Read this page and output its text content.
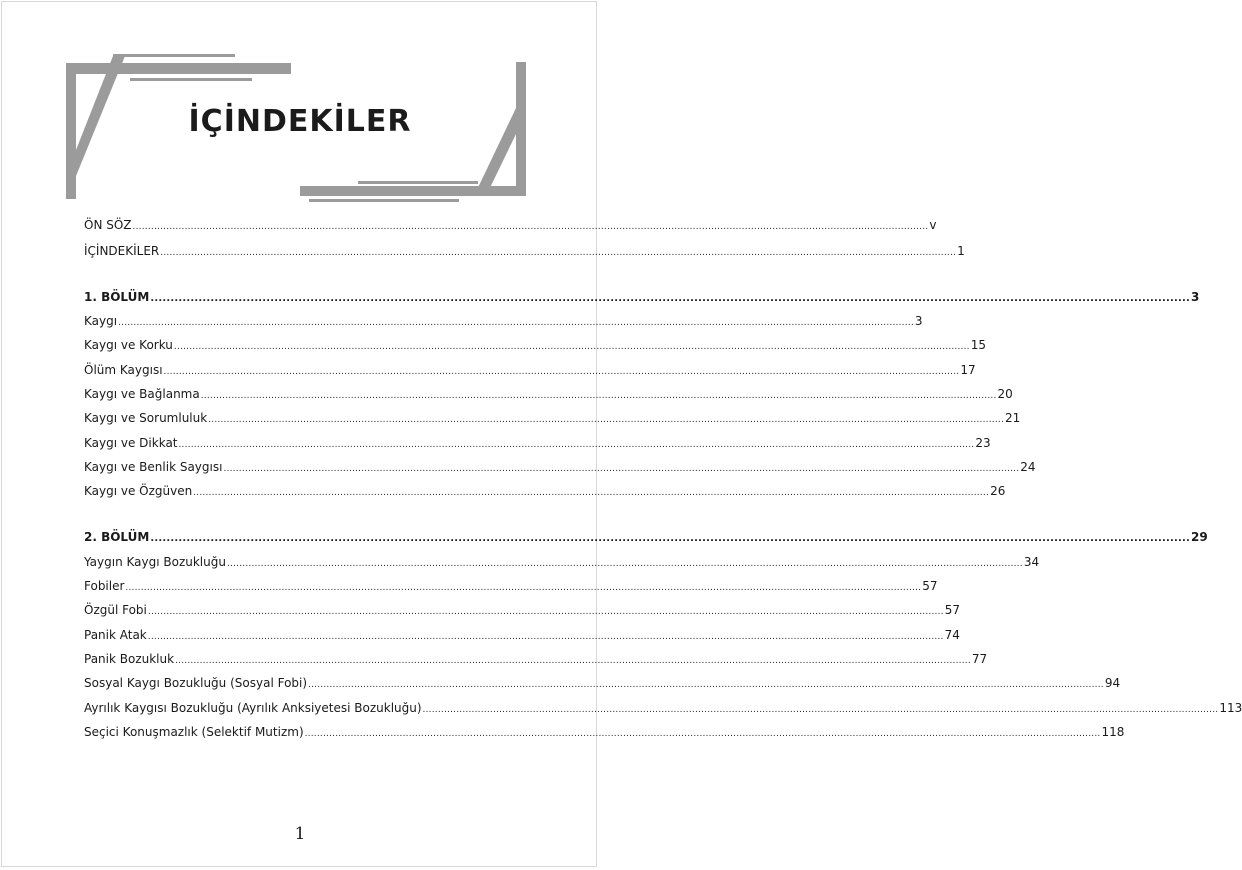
İÇİNDEKİLER
ÖN SÖZ .................................................................................................................................................................................................................................................................... v
İÇİNDEKİLER .................................................................................................................................................................................................................................................................... 1
1. BÖLÜM .................................................................................................................................................................................................................................................................... 3
Kaygı .................................................................................................................................................................................................................................................................... 3
Kaygı ve Korku .................................................................................................................................................................................................................................................................... 15
Ölüm Kaygısı .................................................................................................................................................................................................................................................................... 17
Kaygı ve Bağlanma .................................................................................................................................................................................................................................................................... 20
Kaygı ve Sorumluluk .................................................................................................................................................................................................................................................................... 21
Kaygı ve Dikkat .................................................................................................................................................................................................................................................................... 23
Kaygı ve Benlik Saygısı .................................................................................................................................................................................................................................................................... 24
Kaygı ve Özgüven .................................................................................................................................................................................................................................................................... 26
2. BÖLÜM .................................................................................................................................................................................................................................................................... 29
Yaygın Kaygı Bozukluğu .................................................................................................................................................................................................................................................................... 34
Fobiler .................................................................................................................................................................................................................................................................... 57
Özgül Fobi .................................................................................................................................................................................................................................................................... 57
Panik Atak .................................................................................................................................................................................................................................................................... 74
Panik Bozukluk .................................................................................................................................................................................................................................................................... 77
Sosyal Kaygı Bozukluğu (Sosyal Fobi) .................................................................................................................................................................................................................................................................... 94
Ayrılık Kaygısı Bozukluğu (Ayrılık Anksiyetesi Bozukluğu) .................................................................................................................................................................................................................................................................... 113
Seçici Konuşmazlık (Selektif Mutizm) .................................................................................................................................................................................................................................................................... 118
1
